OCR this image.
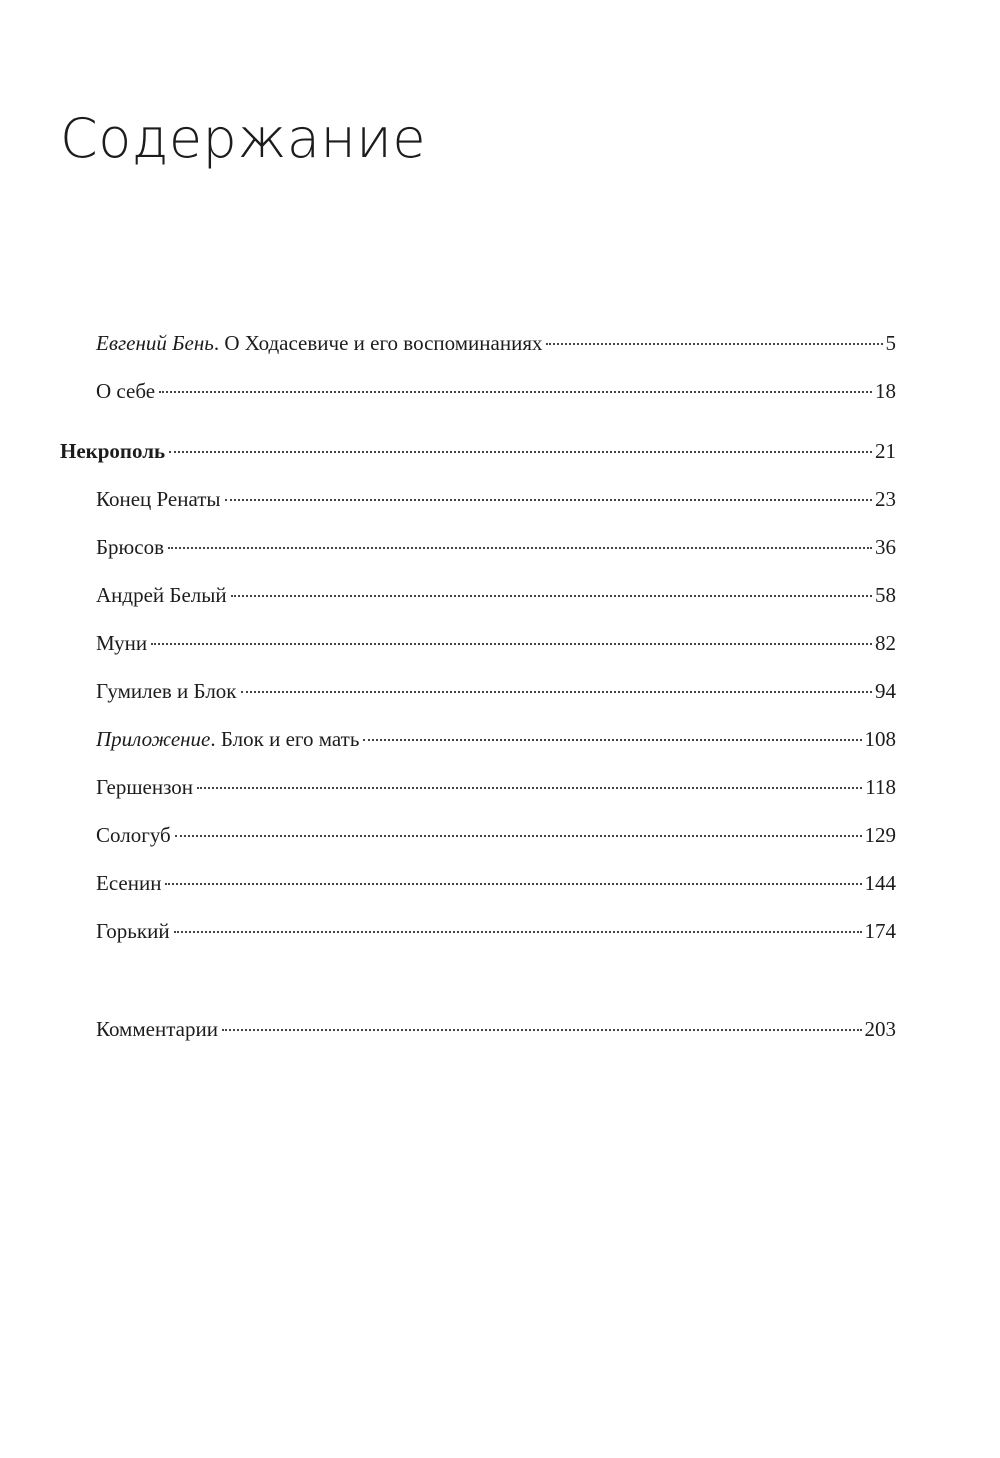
Содержание
Евгений Бень. О Ходасевиче и его воспоминаниях	5
О себе	18
Некрополь	21
Конец Ренаты	23
Брюсов	36
Андрей Белый	58
Муни	82
Гумилев и Блок	94
Приложение. Блок и его мать	108
Гершензон	118
Сологуб	129
Есенин	144
Горький	174
Комментарии	203
